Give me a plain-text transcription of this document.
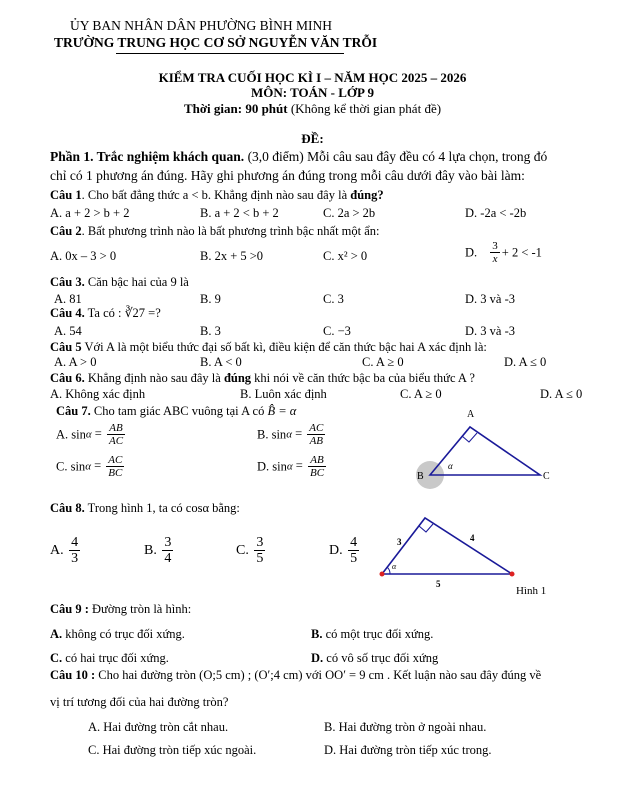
ỦY BAN NHÂN DÂN PHƯỜNG BÌNH MINH
TRƯỜNG TRUNG HỌC CƠ SỞ NGUYỄN VĂN TRỖI
KIỂM TRA CUỐI HỌC KÌ I – NĂM HỌC 2025 – 2026
MÔN: TOÁN - LỚP 9
Thời gian: 90 phút (Không kể thời gian phát đề)
ĐỀ:
Phần 1. Trắc nghiệm khách quan. (3,0 điểm) Mỗi câu sau đây đều có 4 lựa chọn, trong đó
chỉ có 1 phương án đúng. Hãy ghi phương án đúng trong mỗi câu dưới đây vào bài làm:
Câu 1. Cho bất đẳng thức a < b. Khẳng định nào sau đây là đúng?
A. a + 2 > b + 2	B. a + 2 < b + 2	C. 2a > 2b	D. -2a < -2b
Câu 2. Bất phương trình nào là bất phương trình bậc nhất một ẩn:
A. 0x – 3 > 0	B. 2x + 5 >0	C. x² > 0	D. $\frac{3}{x} + 2 < -1$
Câu 3. Căn bậc hai của 9 là
A. 81	B. 9	C. 3	D. 3 và -3
Câu 4. Ta có : ∛27 =?
A. 54	B. 3	C. −3	D. 3 và -3
Câu 5 Với A là một biểu thức đại số bất kì, điều kiện để căn thức bậc hai A xác định là:
A. A > 0	B. A < 0	C. A ≥ 0	D. A ≤ 0
Câu 6. Khẳng định nào sau đây là đúng khi nói về căn thức bậc ba của biểu thức A ?
A. Không xác định	B. Luôn xác định	C. A ≥ 0	D. A ≤ 0
Câu 7. Cho tam giác ABC vuông tại A có B̂ = α
A. $\sin\alpha = \frac{AB}{AC}$	B. $\sin\alpha = \frac{AC}{AB}$
C. $\sin\alpha = \frac{AC}{BC}$	D. $\sin\alpha = \frac{AB}{BC}$
A
B	C
α
Câu 8. Trong hình 1, ta có cosα bằng:
A. $\frac{4}{3}$	B. $\frac{3}{4}$	C. $\frac{3}{5}$	D. $\frac{4}{5}$	3	4
5
α
Hình 1
Câu 9 : Đường tròn là hình:
A. không có trục đối xứng.	B. có một trục đối xứng.
C. có hai trục đối xứng.	D. có vô số trục đối xứng
Câu 10 : Cho hai đường tròn (O;5 cm) ; (O′;4 cm) với OO′ = 9 cm . Kết luận nào sau đây đúng về
vị trí tương đối của hai đường tròn?
A. Hai đường tròn cắt nhau.	B. Hai đường tròn ở ngoài nhau.
C. Hai đường tròn tiếp xúc ngoài.	D. Hai đường tròn tiếp xúc trong.
